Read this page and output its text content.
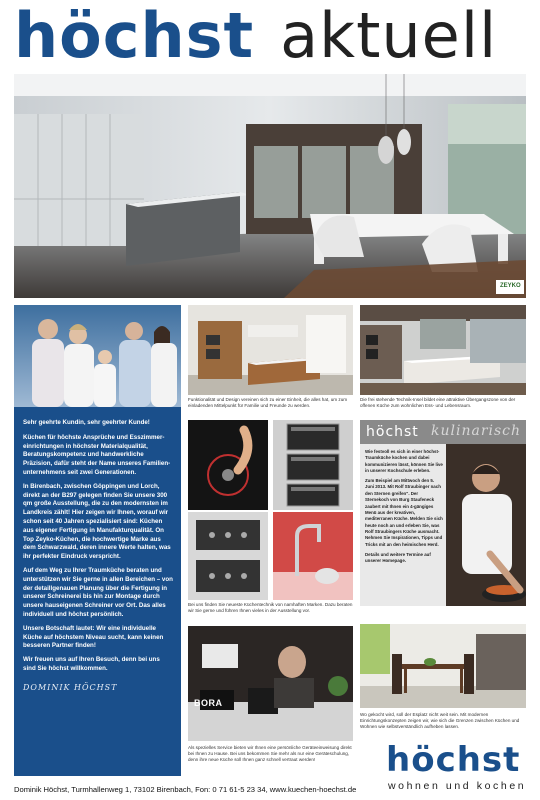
höchst aktuell
ZEYKO

Sehr geehrte Kundin, sehr geehrter Kunde!

Küchen für höchste Ansprüche und Esszimmereinrichtungen in höchster Materialqualität, Beratungskompetenz und handwerkliche Präzision, dafür steht der Name unseres Familienunternehmens seit zwei Generationen.

In Birenbach, zwischen Göppingen und Lorch, direkt an der B297 gelegen finden Sie unsere 300 qm große Ausstellung, die zu den modernsten im Landkreis zählt! Hier zeigen wir Ihnen, worauf wir schon seit 40 Jahren spezialisiert sind: Küchen aus eigener Fertigung in Manufakturqualität. On Top Zeyko-Küchen, die hochwertige Marke aus dem Schwarzwald, deren innere Werte halten, was ihr perfekter Eindruck verspricht.

Auf dem Weg zu Ihrer Traumküche beraten und unterstützen wir Sie gerne in allen Bereichen – von der detaillgenauen Planung über die Fertigung in unserer Schreinerei bis hin zur Montage durch unsere hauseigenen Schreiner vor Ort. Das alles individuell und höchst persönlich.

Unsere Botschaft lautet: Wir eine individuelle Küche auf höchstem Niveau sucht, kann keinen besseren Partner finden!

Wir freuen uns auf Ihren Besuch, denn bei uns sind Sie höchst willkommen.

DOMINIK HÖCHST
Funktionalität und Design vereinen sich zu einer Einheit, die alles hat, um zum einladenden Mittelpunkt für Familie und Freunde zu werden.
Die frei stehende Technik-Insel bildet eine attraktive Übergangszone von der offenen Küche zum wohnlichen Ess- und Lebensraum.
Bei uns finden Sie neueste Küchentechnik von namhaften Marken. Dazu beraten wir Sie gerne und führen Ihnen vieles in der Ausstellung vor.
höchst kulinarisch

Wie festvoll es sich in einer höchst-Traumküche kochen und dabei kommunizieren lässt, können Sie live in unserer Kochschule erleben.

Zum Beispiel am Mittwoch den 5. Juni 2013. Mit Rolf Straubinger nach den Sternen greifen". Der Sternekoch von Burg Staufeneck zaubert mit Ihnen ein 4-gängiges Menü aus der kreativen, mediterranen Küche. Melden Sie sich heute noch an und erleben Sie, was Rolf Straubingers Küche ausmacht. Nehmen Sie Inspirationen, Tipps und Tricks mit an den heimischen Herd.

Details und weitere Termine auf unserer Homepage.

BORA
Als spezielles Service bieten wir Ihnen eine persönliche Geräteeinweisung direkt bei Ihnen zu Hause. Bei uns bekommen Sie mehr als nur eine Geräteschulung, denn ihre neue Küche soll Ihnen ganz schnell vertraut werden!
Wo gekocht wird, soll der Esplatz nicht weit sein. Mit modernen Einrichtungskonzepten zeigen wir, wie sich die Grenzen zwischen Küchen und Wohnen wie selbstverständlich aufheben lassen.
höchst
wohnen und kochen
Dominik Höchst, Turmhallenweg 1, 73102 Birenbach, Fon: 0 71 61-5 23 34, www.kuechen-hoechst.de
